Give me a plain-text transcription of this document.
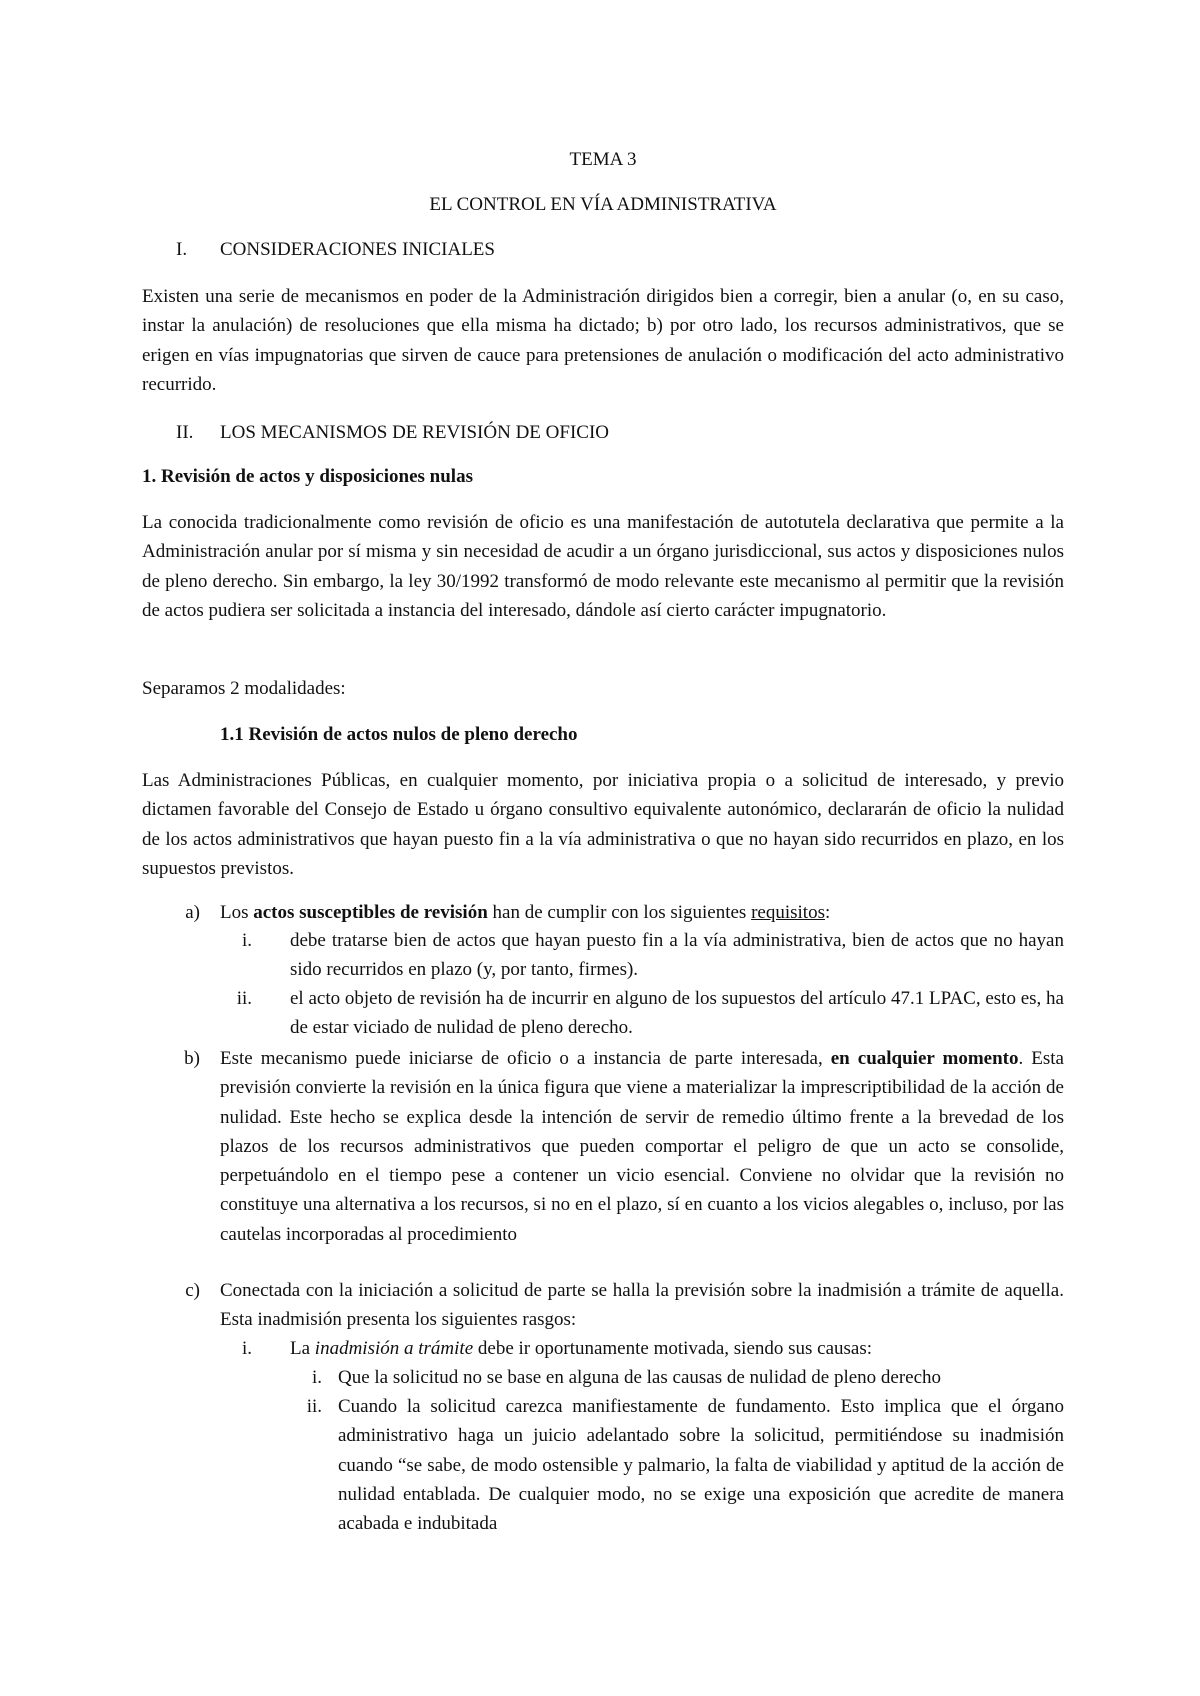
TEMA 3

EL CONTROL EN VÍA ADMINISTRATIVA

I. CONSIDERACIONES INICIALES

Existen una serie de mecanismos en poder de la Administración dirigidos bien a corregir, bien a anular (o, en su caso, instar la anulación) de resoluciones que ella misma ha dictado; b) por otro lado, los recursos administrativos, que se erigen en vías impugnatorias que sirven de cauce para pretensiones de anulación o modificación del acto administrativo recurrido.

II. LOS MECANISMOS DE REVISIÓN DE OFICIO
1. Revisión de actos y disposiciones nulas

La conocida tradicionalmente como revisión de oficio es una manifestación de autotutela declarativa que permite a la Administración anular por sí misma y sin necesidad de acudir a un órgano jurisdiccional, sus actos y disposiciones nulos de pleno derecho. Sin embargo, la ley 30/1992 transformó de modo relevante este mecanismo al permitir que la revisión de actos pudiera ser solicitada a instancia del interesado, dándole así cierto carácter impugnatorio.

Separamos 2 modalidades:

1.1 Revisión de actos nulos de pleno derecho

Las Administraciones Públicas, en cualquier momento, por iniciativa propia o a solicitud de interesado, y previo dictamen favorable del Consejo de Estado u órgano consultivo equivalente autonómico, declararán de oficio la nulidad de los actos administrativos que hayan puesto fin a la vía administrativa o que no hayan sido recurridos en plazo, en los supuestos previstos.

a) Los actos susceptibles de revisión han de cumplir con los siguientes requisitos:

i. debe tratarse bien de actos que hayan puesto fin a la vía administrativa, bien de actos que no hayan sido recurridos en plazo (y, por tanto, firmes).

ii. el acto objeto de revisión ha de incurrir en alguno de los supuestos del artículo 47.1 LPAC, esto es, ha de estar viciado de nulidad de pleno derecho.

b) Este mecanismo puede iniciarse de oficio o a instancia de parte interesada, en cualquier momento. Esta previsión convierte la revisión en la única figura que viene a materializar la imprescriptibilidad de la acción de nulidad. Este hecho se explica desde la intención de servir de remedio último frente a la brevedad de los plazos de los recursos administrativos que pueden comportar el peligro de que un acto se consolide, perpetuándolo en el tiempo pese a contener un vicio esencial. Conviene no olvidar que la revisión no constituye una alternativa a los recursos, si no en el plazo, sí en cuanto a los vicios alegables o, incluso, por las cautelas incorporadas al procedimiento

c) Conectada con la iniciación a solicitud de parte se halla la previsión sobre la inadmisión a trámite de aquella. Esta inadmisión presenta los siguientes rasgos:

i. La inadmisión a trámite debe ir oportunamente motivada, siendo sus causas:

i. Que la solicitud no se base en alguna de las causas de nulidad de pleno derecho

ii. Cuando la solicitud carezca manifiestamente de fundamento. Esto implica que el órgano administrativo haga un juicio adelantado sobre la solicitud, permitiéndose su inadmisión cuando “se sabe, de modo ostensible y palmario, la falta de viabilidad y aptitud de la acción de nulidad entablada. De cualquier modo, no se exige una exposición que acredite de manera acabada e indubitada
